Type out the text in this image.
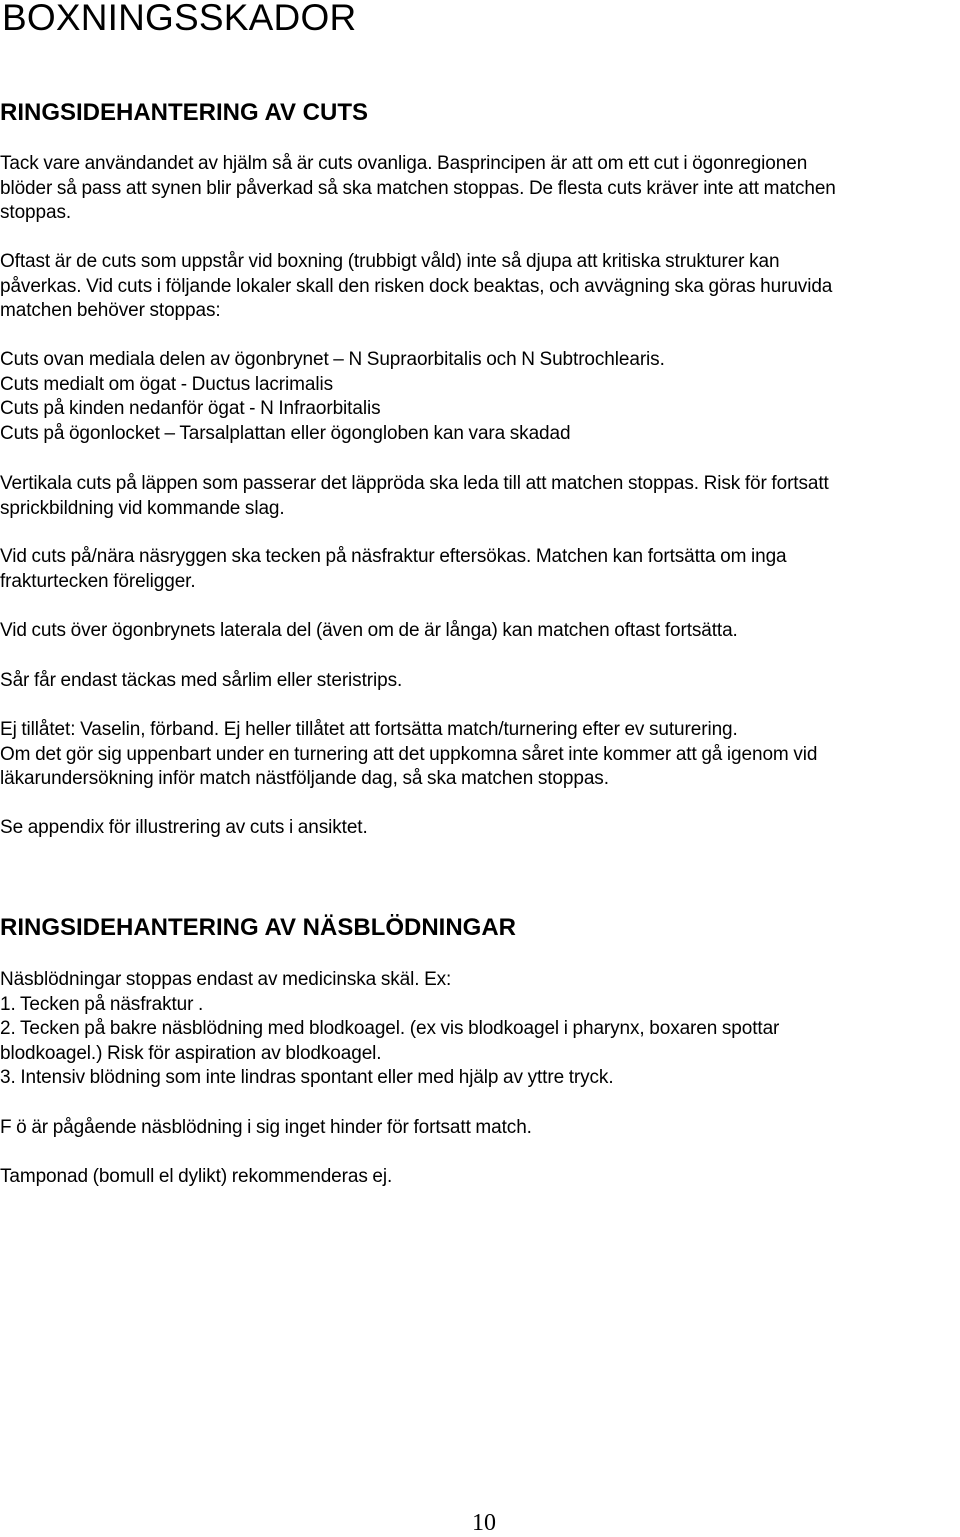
BOXNINGSSKADOR
RINGSIDEHANTERING AV CUTS
Tack vare användandet av hjälm så är cuts ovanliga. Basprincipen är att om ett cut i ögonregionen
blöder så pass att synen blir påverkad så ska matchen stoppas. De flesta cuts kräver inte att matchen
stoppas.
Oftast är de cuts som uppstår vid boxning (trubbigt våld) inte så djupa att kritiska strukturer kan
påverkas. Vid cuts i följande lokaler skall den risken dock beaktas, och avvägning ska göras huruvida
matchen behöver stoppas:
Cuts ovan mediala delen av ögonbrynet – N Supraorbitalis och N Subtrochlearis.
Cuts medialt om ögat - Ductus lacrimalis
Cuts på kinden nedanför ögat - N Infraorbitalis
Cuts på ögonlocket – Tarsalplattan eller ögongloben kan vara skadad
Vertikala cuts på läppen som passerar det läppröda ska leda till att matchen stoppas. Risk för fortsatt
sprickbildning vid kommande slag.
Vid cuts på/nära näsryggen ska tecken på näsfraktur eftersökas. Matchen kan fortsätta om inga
frakturtecken föreligger.
Vid cuts över ögonbrynets laterala del (även om de är långa) kan matchen oftast fortsätta.
Sår får endast täckas med sårlim eller steristrips.
Ej tillåtet: Vaselin, förband. Ej heller tillåtet att fortsätta match/turnering efter ev suturering.
Om det gör sig uppenbart under en turnering att det uppkomna såret inte kommer att gå igenom vid
läkarundersökning inför match nästföljande dag, så ska matchen stoppas.
Se appendix för illustrering av cuts i ansiktet.
RINGSIDEHANTERING AV NÄSBLÖDNINGAR
Näsblödningar stoppas endast av medicinska skäl. Ex:
1. Tecken på näsfraktur .
2. Tecken på bakre näsblödning med blodkoagel. (ex vis blodkoagel i pharynx, boxaren spottar
blodkoagel.) Risk för aspiration av blodkoagel.
3. Intensiv blödning som inte lindras spontant eller med hjälp av yttre tryck.
F ö är pågående näsblödning i sig inget hinder för fortsatt match.
Tamponad (bomull el dylikt) rekommenderas ej.
10
